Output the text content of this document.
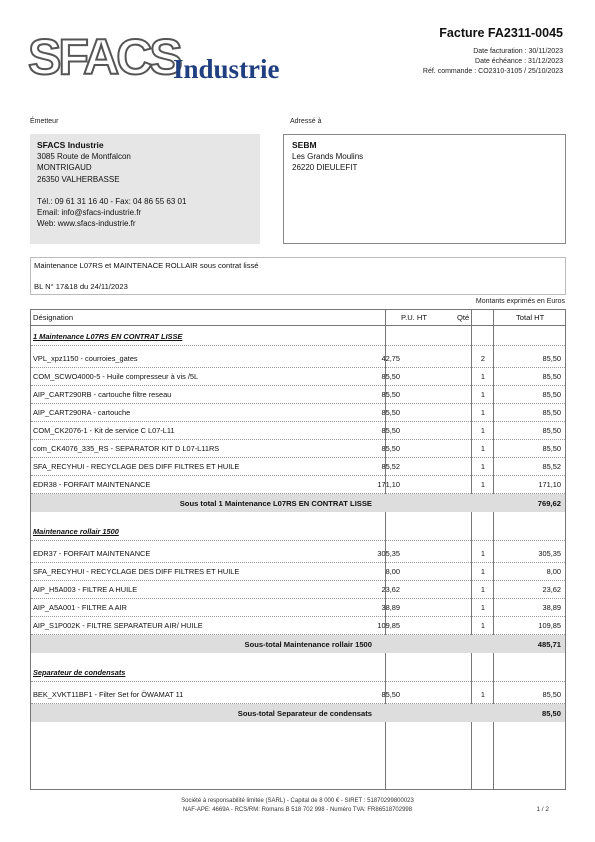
SFACS
Industrie
Facture FA2311-0045
Date facturation : 30/11/2023
Date échéance : 31/12/2023
Réf. commande : CO2310-3105 / 25/10/2023
Émetteur	Adressé à
SFACS Industrie
3085 Route de Montfalcon
MONTRIGAUD
26350 VALHERBASSE
Tél.: 09 61 31 16 40 - Fax: 04 86 55 63 01
Email: info@sfacs-industrie.fr
Web: www.sfacs-industrie.fr
SEBM
Les Grands Moulins
26220 DIEULEFIT
Maintenance L07RS et MAINTENACE ROLLAIR sous contrat lissé
BL N° 17&18 du 24/11/2023
Montants exprimés en Euros
Désignation	P.U. HT	Qté	Total HT
1 Maintenance L07RS EN CONTRAT LISSE
VPL_xpz1150 - courroies_gates	42,75	2	85,50
COM_SCWO4000-5 - Huile compresseur à vis /5L	85,50	1	85,50
AIP_CART290RB - cartouche filtre reseau	85,50	1	85,50
AIP_CART290RA - cartouche	85,50	1	85,50
COM_CK2076-1 - Kit de service C L07-L11	85,50	1	85,50
com_CK4076_335_RS - SEPARATOR KIT D L07-L11RS	85,50	1	85,50
SFA_RECYHUI - RECYCLAGE DES DIFF FILTRES ET HUILE	85,52	1	85,52
EDR38 - FORFAIT MAINTENANCE	171,10	1	171,10
Sous total 1 Maintenance L07RS EN CONTRAT LISSE	769,62
Maintenance rollair 1500
EDR37 - FORFAIT MAINTENANCE	305,35	1	305,35
SFA_RECYHUI - RECYCLAGE DES DIFF FILTRES ET HUILE	8,00	1	8,00
AIP_H5A003 - FILTRE A HUILE	23,62	1	23,62
AIP_A5A001 - FILTRE A AIR	38,89	1	38,89
AIP_S1P002K - FILTRE SEPARATEUR AIR/ HUILE	109,85	1	109,85
Sous-total Maintenance rollair 1500	485,71
Separateur de condensats
BEK_XVKT11BF1 - Filter Set for ÖWAMAT 11	85,50	1	85,50
Sous-total Separateur de condensats	85,50
Société à responsabilité limitée (SARL) - Capital de 8 000 € - SIRET : 51870299800023
NAF-APE: 4669A - RCS/RM: Romans B 518 702 998 - Numéro TVA: FR86518702998	1 / 2
